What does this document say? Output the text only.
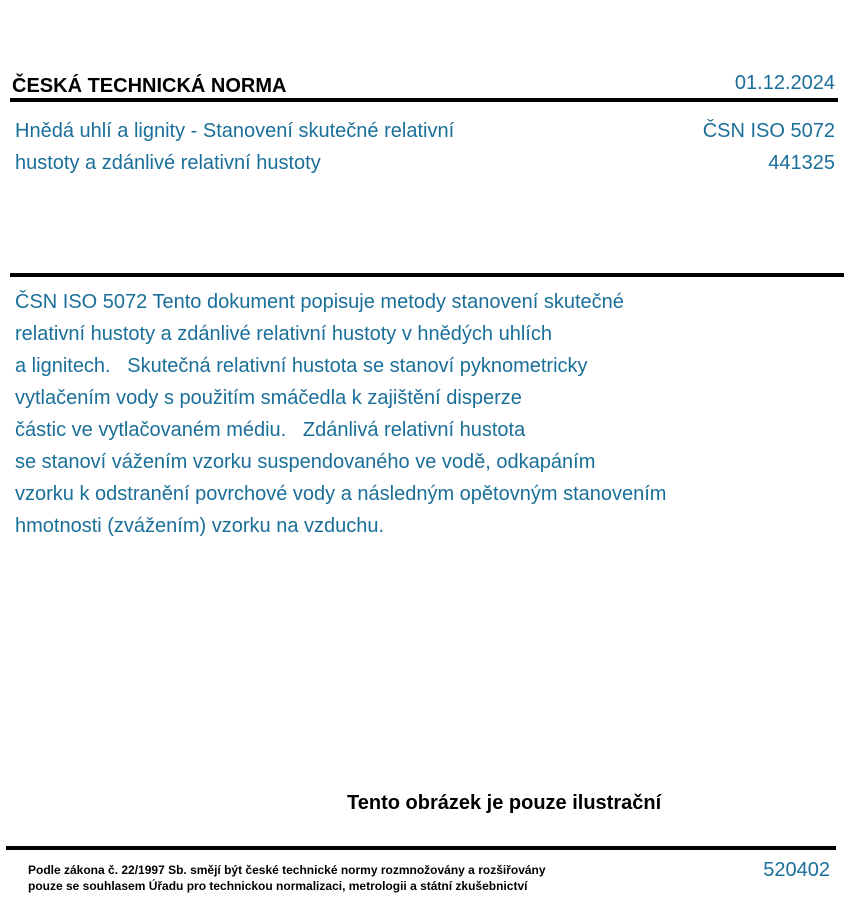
ČESKÁ TECHNICKÁ NORMA	01.12.2024
Hnědá uhlí a lignity - Stanovení skutečné relativní
hustoty a zdánlivé relativní hustoty
ČSN ISO 5072
441325
ČSN ISO 5072 Tento dokument popisuje metody stanovení skutečné
relativní hustoty a zdánlivé relativní hustoty v hnědých uhlích
a lignitech.   Skutečná relativní hustota se stanoví pyknometricky
vytlačením vody s použitím smáčedla k zajištění disperze
částic ve vytlačovaném médiu.   Zdánlivá relativní hustota
se stanoví vážením vzorku suspendovaného ve vodě, odkapáním
vzorku k odstranění povrchové vody a následným opětovným stanovením
hmotnosti (zvážením) vzorku na vzduchu.
Tento obrázek je pouze ilustrační
Podle zákona č. 22/1997 Sb. smějí být české technické normy rozmnožovány a rozšiřovány
pouze se souhlasem Úřadu pro technickou normalizaci, metrologii a státní zkušebnictví
520402
